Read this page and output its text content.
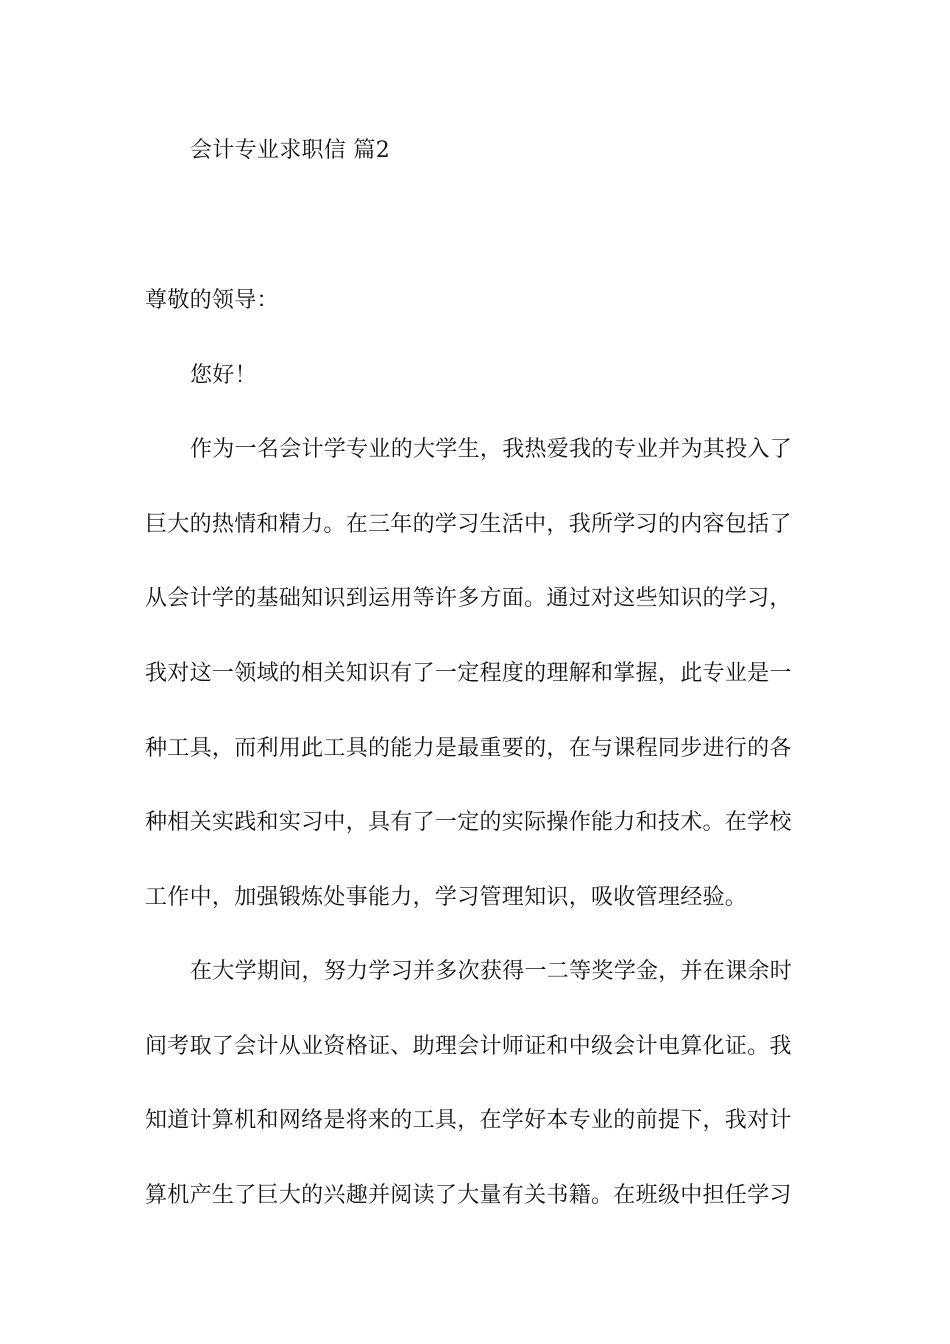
会计专业求职信 篇2
尊敬的领导：
您好！
作为一名会计学专业的大学生，我热爱我的专业并为其投入了
巨大的热情和精力。在三年的学习生活中，我所学习的内容包括了
从会计学的基础知识到运用等许多方面。通过对这些知识的学习，
我对这一领域的相关知识有了一定程度的理解和掌握，此专业是一
种工具，而利用此工具的能力是最重要的，在与课程同步进行的各
种相关实践和实习中，具有了一定的实际操作能力和技术。在学校
工作中，加强锻炼处事能力，学习管理知识，吸收管理经验。
在大学期间，努力学习并多次获得一二等奖学金，并在课余时
间考取了会计从业资格证、助理会计师证和中级会计电算化证。我
知道计算机和网络是将来的工具，在学好本专业的前提下，我对计
算机产生了巨大的兴趣并阅读了大量有关书籍。在班级中担任学习
